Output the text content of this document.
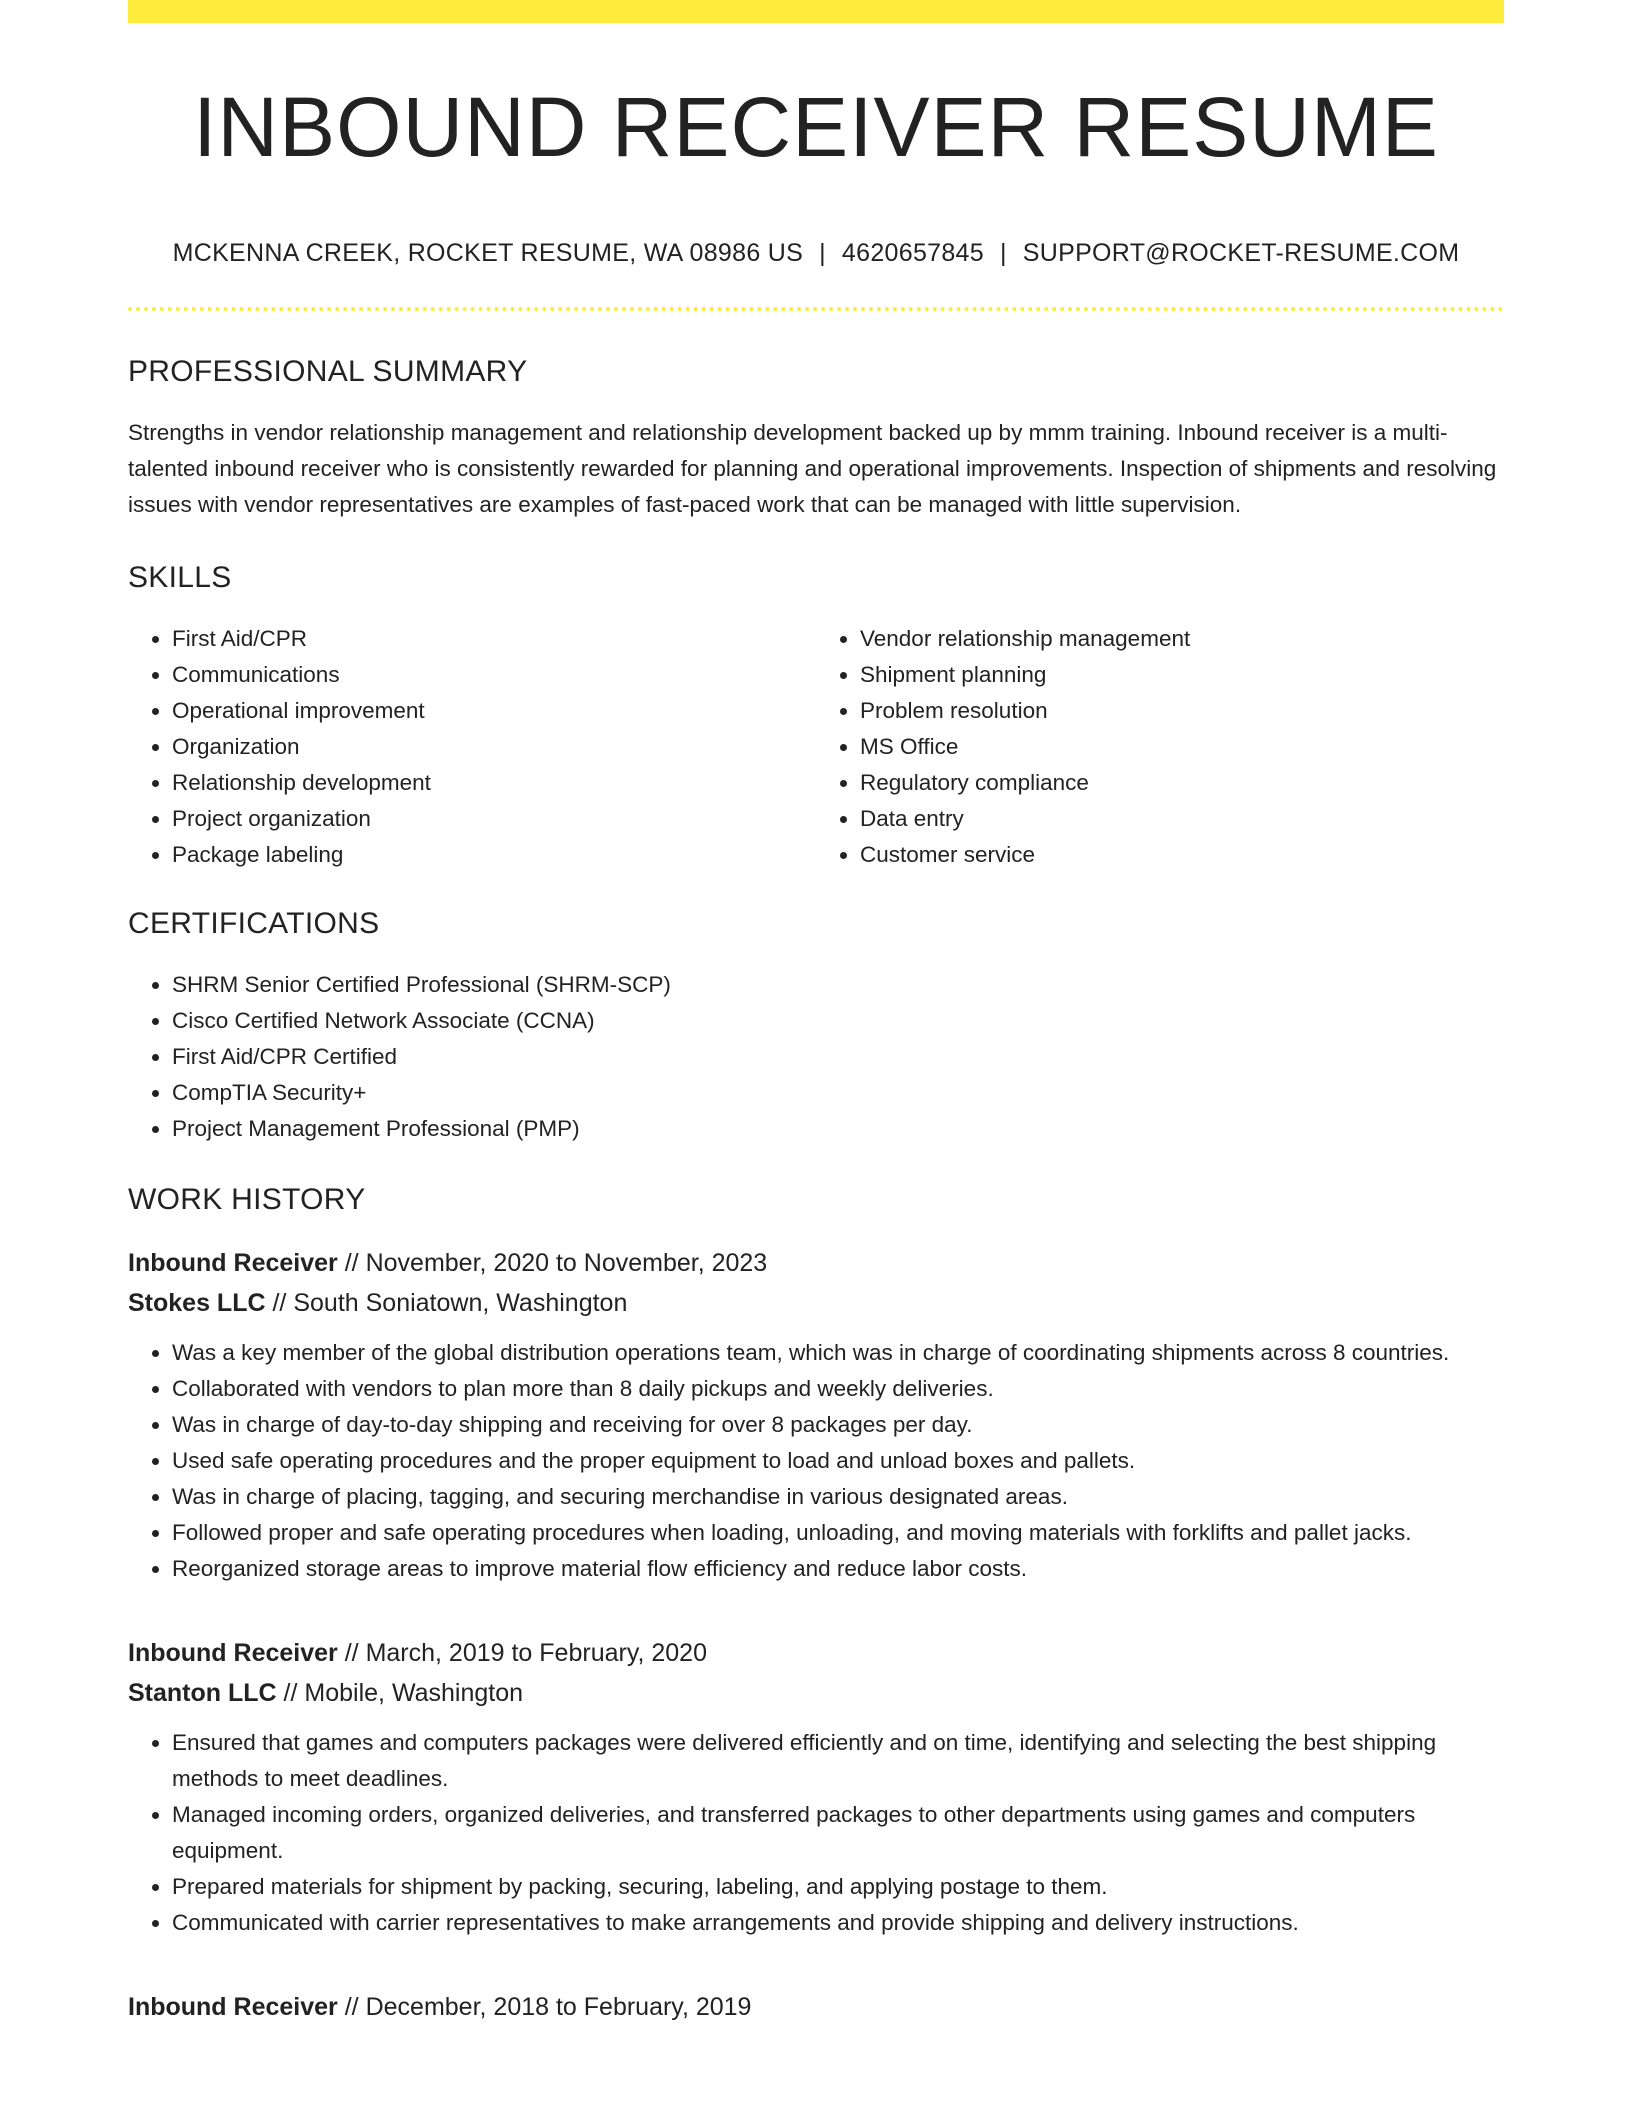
INBOUND RECEIVER RESUME
MCKENNA CREEK, ROCKET RESUME, WA 08986 US | 4620657845 | SUPPORT@ROCKET-RESUME.COM
PROFESSIONAL SUMMARY

Strengths in vendor relationship management and relationship development backed up by mmm training. Inbound receiver is a multi-talented inbound receiver who is consistently rewarded for planning and operational improvements. Inspection of shipments and resolving issues with vendor representatives are examples of fast-paced work that can be managed with little supervision.

SKILLS
• First Aid/CPR
• Communications
• Operational improvement
• Organization
• Relationship development
• Project organization
• Package labeling
• Vendor relationship management
• Shipment planning
• Problem resolution
• MS Office
• Regulatory compliance
• Data entry
• Customer service
CERTIFICATIONS
• SHRM Senior Certified Professional (SHRM-SCP)
• Cisco Certified Network Associate (CCNA)
• First Aid/CPR Certified
• CompTIA Security+
• Project Management Professional (PMP)
WORK HISTORY
Inbound Receiver // November, 2020 to November, 2023
Stokes LLC // South Soniatown, Washington
• Was a key member of the global distribution operations team, which was in charge of coordinating shipments across 8 countries.
• Collaborated with vendors to plan more than 8 daily pickups and weekly deliveries.
• Was in charge of day-to-day shipping and receiving for over 8 packages per day.
• Used safe operating procedures and the proper equipment to load and unload boxes and pallets.
• Was in charge of placing, tagging, and securing merchandise in various designated areas.
• Followed proper and safe operating procedures when loading, unloading, and moving materials with forklifts and pallet jacks.
• Reorganized storage areas to improve material flow efficiency and reduce labor costs.
Inbound Receiver // March, 2019 to February, 2020
Stanton LLC // Mobile, Washington
• Ensured that games and computers packages were delivered efficiently and on time, identifying and selecting the best shipping methods to meet deadlines.
• Managed incoming orders, organized deliveries, and transferred packages to other departments using games and computers equipment.
• Prepared materials for shipment by packing, securing, labeling, and applying postage to them.
• Communicated with carrier representatives to make arrangements and provide shipping and delivery instructions.
Inbound Receiver // December, 2018 to February, 2019
